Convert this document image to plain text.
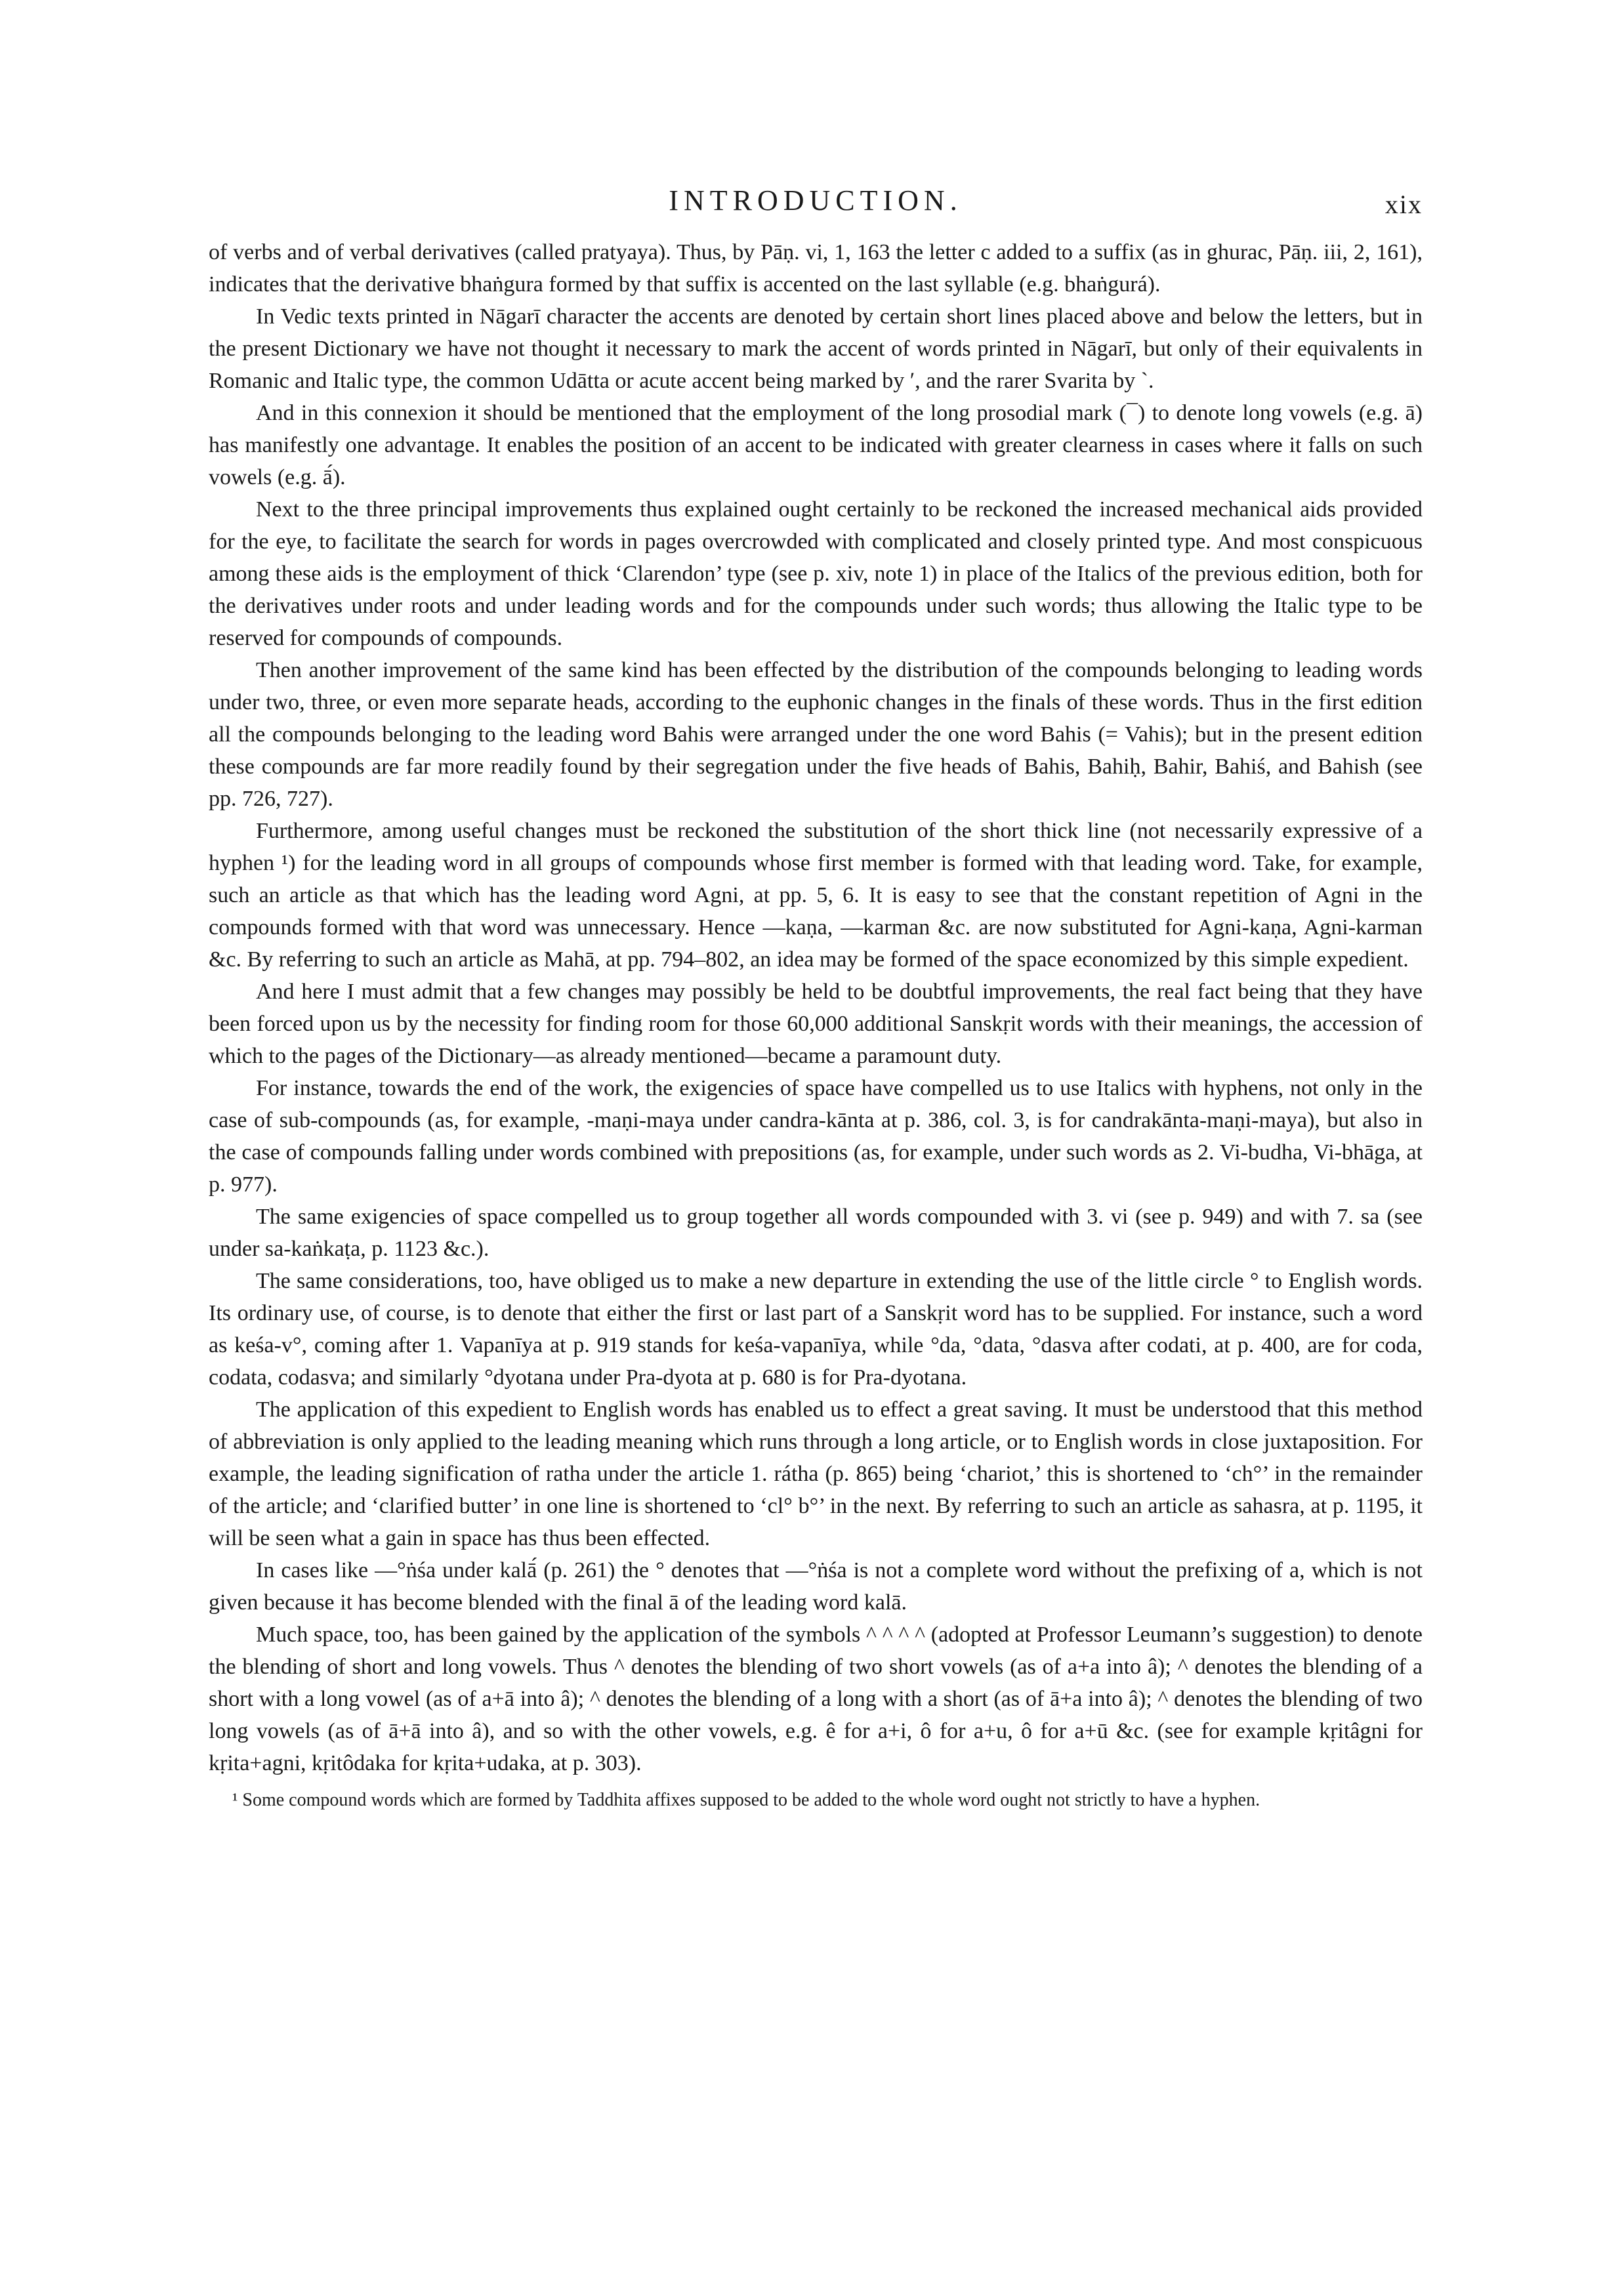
INTRODUCTION.	xix

of verbs and of verbal derivatives (called pratyaya). Thus, by Pāṇ. vi, 1, 163 the letter c added to a suffix (as in ghurac, Pāṇ. iii, 2, 161), indicates that the derivative bhaṅgura formed by that suffix is accented on the last syllable (e.g. bhaṅgurá).

In Vedic texts printed in Nāgarī character the accents are denoted by certain short lines placed above and below the letters, but in the present Dictionary we have not thought it necessary to mark the accent of words printed in Nāgarī, but only of their equivalents in Romanic and Italic type, the common Udātta or acute accent being marked by ʹ, and the rarer Svarita by ˋ.

And in this connexion it should be mentioned that the employment of the long prosodial mark (¯) to denote long vowels (e.g. ā) has manifestly one advantage. It enables the position of an accent to be indicated with greater clearness in cases where it falls on such vowels (e.g. ā́).

Next to the three principal improvements thus explained ought certainly to be reckoned the increased mechanical aids provided for the eye, to facilitate the search for words in pages overcrowded with complicated and closely printed type. And most conspicuous among these aids is the employment of thick ‘Clarendon’ type (see p. xiv, note 1) in place of the Italics of the previous edition, both for the derivatives under roots and under leading words and for the compounds under such words; thus allowing the Italic type to be reserved for compounds of compounds.

Then another improvement of the same kind has been effected by the distribution of the compounds belonging to leading words under two, three, or even more separate heads, according to the euphonic changes in the finals of these words. Thus in the first edition all the compounds belonging to the leading word Bahis were arranged under the one word Bahis (= Vahis); but in the present edition these compounds are far more readily found by their segregation under the five heads of Bahis, Bahiḥ, Bahir, Bahiś, and Bahish (see pp. 726, 727).

Furthermore, among useful changes must be reckoned the substitution of the short thick line (not necessarily expressive of a hyphen ¹) for the leading word in all groups of compounds whose first member is formed with that leading word. Take, for example, such an article as that which has the leading word Agni, at pp. 5, 6. It is easy to see that the constant repetition of Agni in the compounds formed with that word was unnecessary. Hence —kaṇa, —karman &c. are now substituted for Agni-kaṇa, Agni-karman &c. By referring to such an article as Mahā, at pp. 794–802, an idea may be formed of the space economized by this simple expedient.

And here I must admit that a few changes may possibly be held to be doubtful improvements, the real fact being that they have been forced upon us by the necessity for finding room for those 60,000 additional Sanskṛit words with their meanings, the accession of which to the pages of the Dictionary—as already mentioned—became a paramount duty.

For instance, towards the end of the work, the exigencies of space have compelled us to use Italics with hyphens, not only in the case of sub-compounds (as, for example, -maṇi-maya under candra-kānta at p. 386, col. 3, is for candrakānta-maṇi-maya), but also in the case of compounds falling under words combined with prepositions (as, for example, under such words as 2. Vi-budha, Vi-bhāga, at p. 977).

The same exigencies of space compelled us to group together all words compounded with 3. vi (see p. 949) and with 7. sa (see under sa-kaṅkaṭa, p. 1123 &c.).

The same considerations, too, have obliged us to make a new departure in extending the use of the little circle ° to English words. Its ordinary use, of course, is to denote that either the first or last part of a Sanskṛit word has to be supplied. For instance, such a word as keśa-v°, coming after 1. Vapanīya at p. 919 stands for keśa-vapanīya, while °da, °data, °dasva after codati, at p. 400, are for coda, codata, codasva; and similarly °dyotana under Pra-dyota at p. 680 is for Pra-dyotana.

The application of this expedient to English words has enabled us to effect a great saving. It must be understood that this method of abbreviation is only applied to the leading meaning which runs through a long article, or to English words in close juxtaposition. For example, the leading signification of ratha under the article 1. rátha (p. 865) being ‘chariot,’ this is shortened to ‘ch°’ in the remainder of the article; and ‘clarified butter’ in one line is shortened to ‘cl° b°’ in the next. By referring to such an article as sahasra, at p. 1195, it will be seen what a gain in space has thus been effected.

In cases like —°ṅśa under kalā́ (p. 261) the ° denotes that —°ṅśa is not a complete word without the prefixing of a, which is not given because it has become blended with the final ā of the leading word kalā.

Much space, too, has been gained by the application of the symbols ^ ^ ^ ^ (adopted at Professor Leumann’s suggestion) to denote the blending of short and long vowels. Thus ^ denotes the blending of two short vowels (as of a+a into â); ^ denotes the blending of a short with a long vowel (as of a+ā into â); ^ denotes the blending of a long with a short (as of ā+a into â); ^ denotes the blending of two long vowels (as of ā+ā into â), and so with the other vowels, e.g. ê for a+i, ô for a+u, ô for a+ū &c. (see for example kṛitâgni for kṛita+agni, kṛitôdaka for kṛita+udaka, at p. 303).

¹ Some compound words which are formed by Taddhita affixes supposed to be added to the whole word ought not strictly to have a hyphen.
